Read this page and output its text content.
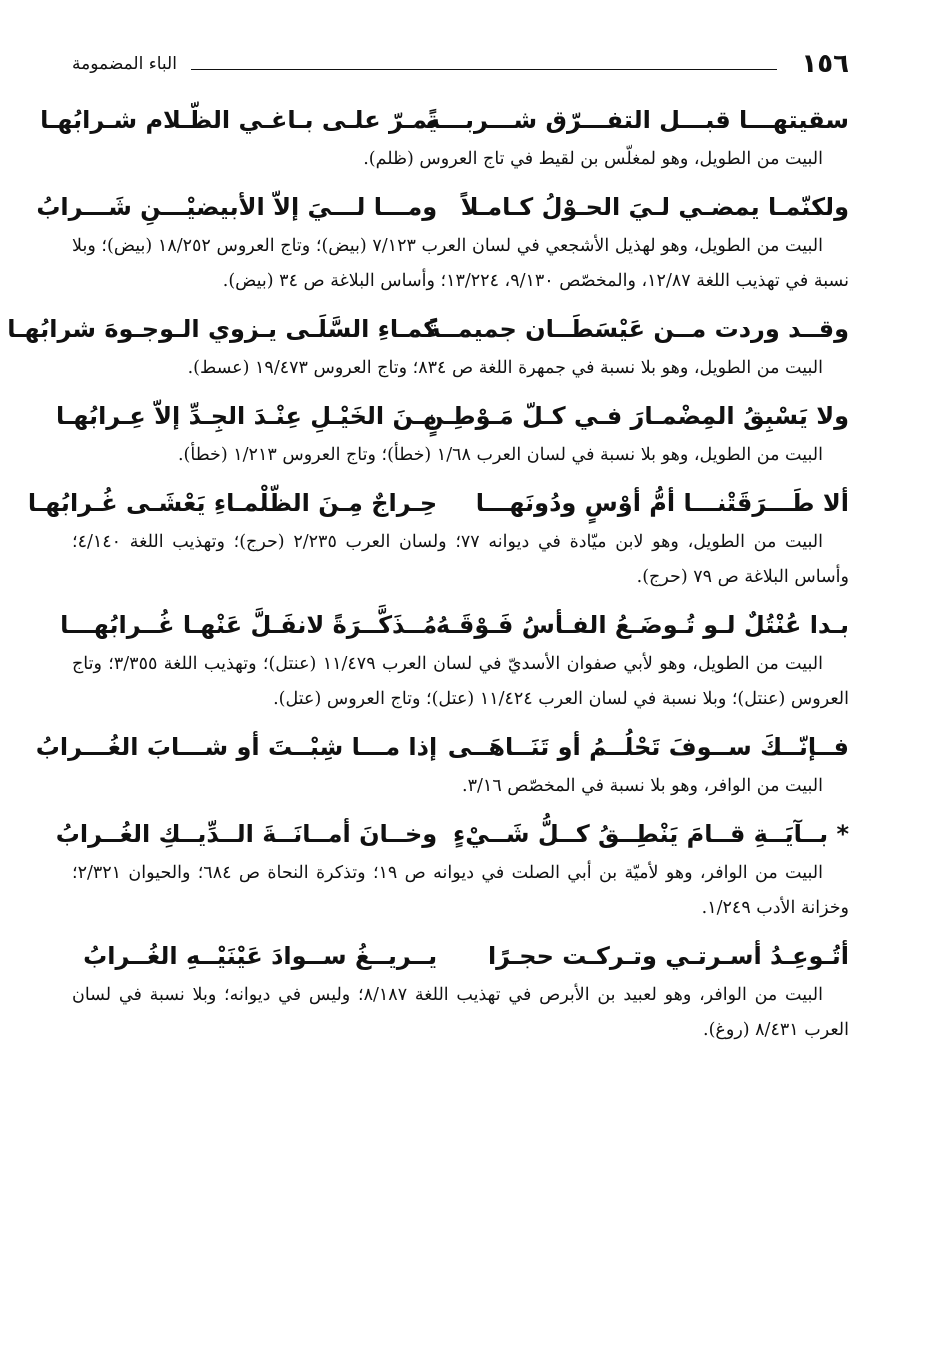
١٥٦
الباء المضمومة
سقيتهـــا قبـــل التفـــرّق شـــربـــةً
يمـرّ علـى بـاغـي الظّـلام شـرابُهـا

البيت من الطويل، وهو لمغلّس بن لقيط في تاج العروس (ظلم).

ولكنّمـا يمضـي لـيَ الحـوْلُ كـامـلاً
ومـــا لـــيَ إلاّ الأبيضيْـــنِ شَـــرابُ

البيت من الطويل، وهو لهذيل الأشجعي في لسان العرب ٧/١٢٣ (بيض)؛ وتاج العروس ١٨/٢٥٢ (بيض)؛ وبلا نسبة في تهذيب اللغة ١٢/٨٧، والمخصّص ٩/١٣٠، ١٣/٢٢٤؛ وأساس البلاغة ص ٣٤ (بيض).

وقــد وردت مــن عَيْسَطَــان جميمــةً
كمـاءِ السَّلَـى يـزوي الـوجـوهَ شرابُهـا

البيت من الطويل، وهو بلا نسبة في جمهرة اللغة ص ٨٣٤؛ وتاج العروس ١٩/٤٧٣ (عسط).

ولا يَسْبِقُ المِضْمـارَ فـي كـلّ مَـوْطِـنٍ
مِـنَ الخَيْـلِ عِنْـدَ الجِـدِّ إلاّ عِـرابُهـا

البيت من الطويل، وهو بلا نسبة في لسان العرب ١/٦٨ (خطأ)؛ وتاج العروس ١/٢١٣ (خطأ).

ألا طَـــرَقَتْنـــا أمُّ أوْسٍ ودُونَهـــا
حِـراجٌ مِـنَ الظّلْمـاءِ يَعْشَـى غُـرابُهـا

البيت من الطويل، وهو لابن ميّادة في ديوانه ٧٧؛ ولسان العرب ٢/٢٣٥ (حرج)؛ وتهذيب اللغة ٤/١٤٠؛ وأساس البلاغة ص ٧٩ (حرج).

بـدا عُنْتُلٌ لـو تُـوضَـعُ الفـأسُ فَـوْقَـهُ
مُــذَكَّــرَةً لانفَـلَّ عَنْهـا غُــرابُهـــا

البيت من الطويل، وهو لأبي صفوان الأسديّ في لسان العرب ١١/٤٧٩ (عنتل)؛ وتهذيب اللغة ٣/٣٥٥؛ وتاج العروس (عنتل)؛ وبلا نسبة في لسان العرب ١١/٤٢٤ (عتل)؛ وتاج العروس (عتل).

فــإنّــكَ ســوفَ تَحْلُــمُ أو تَنَــاهَــى
إذا مـــا شِبْــتَ أو شـــابَ الغُـــرابُ

البيت من الوافر، وهو بلا نسبة في المخصّص ٣/١٦.

* بــآيَــةِ قــامَ يَنْطِــقُ كــلُّ شَــيْءٍ
وخــانَ أمــانَــةَ الــدِّيــكِ الغُــرابُ

البيت من الوافر، وهو لأميّة بن أبي الصلت في ديوانه ص ١٩؛ وتذكرة النحاة ص ٦٨٤؛ والحيوان ٢/٣٢١؛ وخزانة الأدب ١/٢٤٩.

أتُـوعِـدُ أسـرتـي وتـركـت حجـرًا
يــريــغُ ســوادَ عَيْنَيْــهِ الغُــرابُ

البيت من الوافر، وهو لعبيد بن الأبرص في تهذيب اللغة ٨/١٨٧؛ وليس في ديوانه؛ وبلا نسبة في لسان العرب ٨/٤٣١ (روغ).
